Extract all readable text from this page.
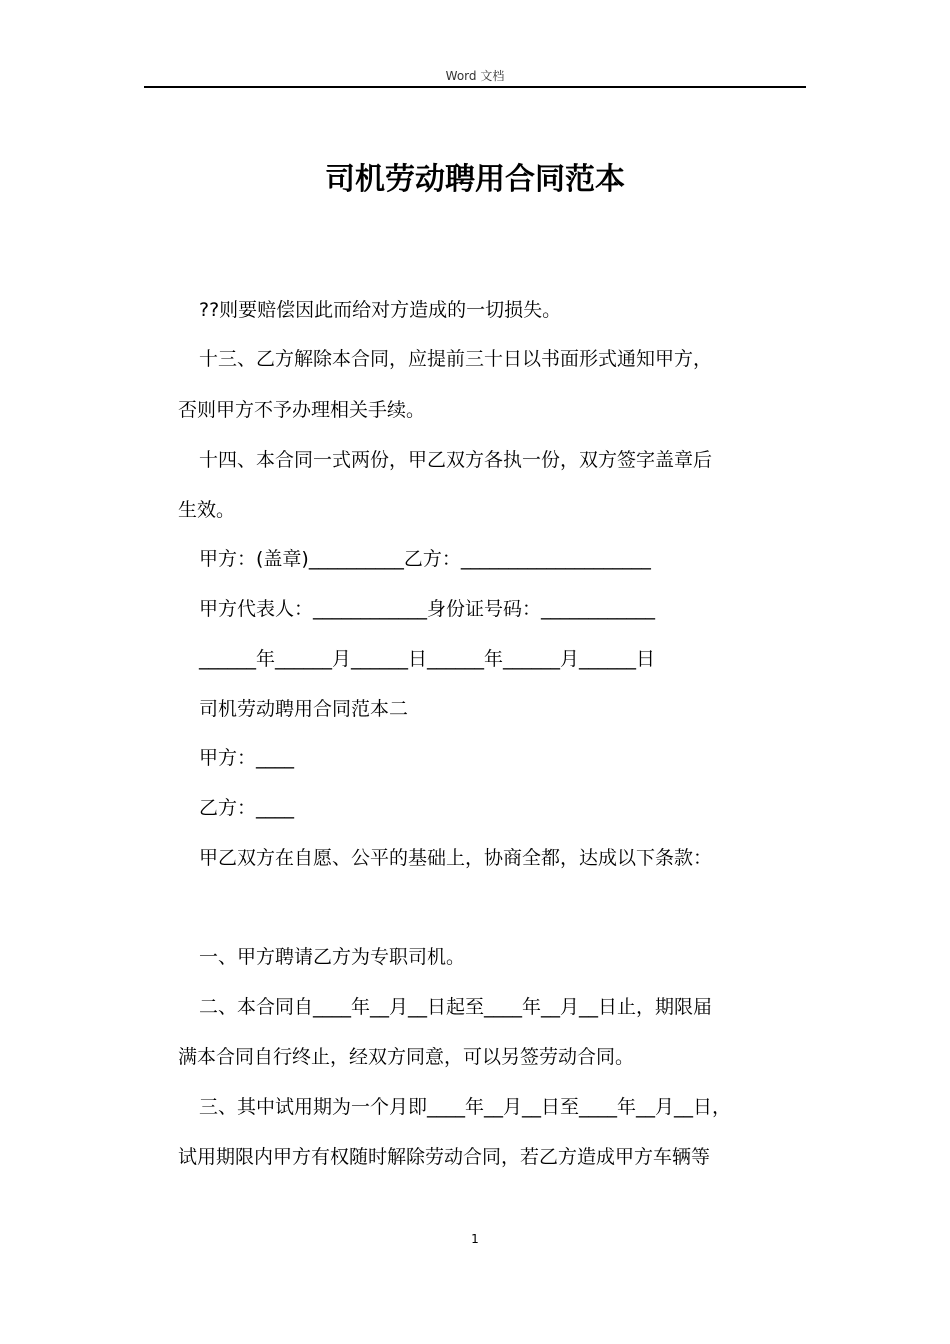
Word 文档
司机劳动聘用合同范本
??则要赔偿因此而给对方造成的一切损失。
十三、乙方解除本合同，应提前三十日以书面形式通知甲方，
否则甲方不予办理相关手续。
十四、本合同一式两份，甲乙双方各执一份，双方签字盖章后
生效。
甲方：(盖章)__________乙方：____________________
甲方代表人：____________身份证号码：____________
______年______月______日______年______月______日
司机劳动聘用合同范本二
甲方：____
乙方：____
甲乙双方在自愿、公平的基础上，协商全都，达成以下条款：
一、甲方聘请乙方为专职司机。
二、本合同自____年__月__日起至____年__月__日止，期限届
满本合同自行终止，经双方同意，可以另签劳动合同。
三、其中试用期为一个月即____年__月__日至____年__月__日，
试用期限内甲方有权随时解除劳动合同，若乙方造成甲方车辆等
1
